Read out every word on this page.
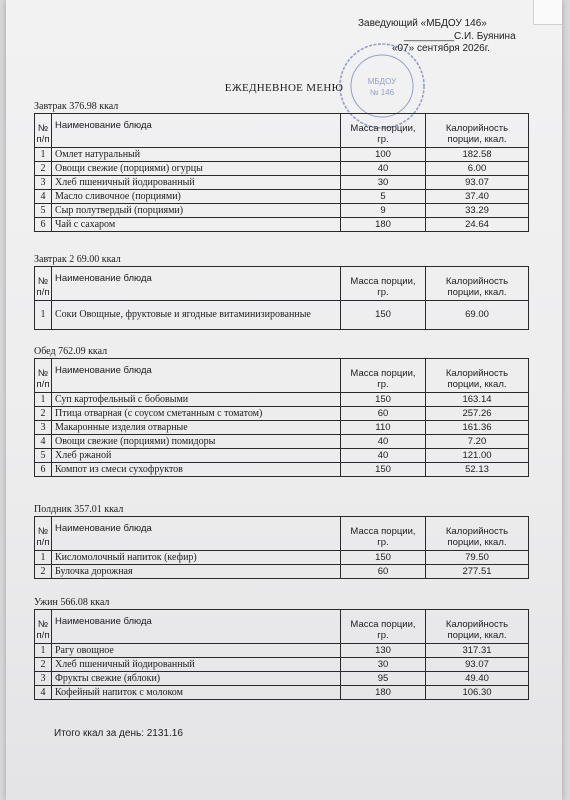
Заведующий «МБДОУ 146»
_________С.И. Буянина
«07» сентября 2026г.
МБДОУ
№ 146
ЕЖЕДНЕВНОЕ МЕНЮ
Завтрак 376.98 ккал
№ п/п	Наименование блюда	Масса порции, гр.	Калорийность порции, ккал.
1	Омлет натуральный	100	182.58
2	Овощи свежие (порциями) огурцы	40	6.00
3	Хлеб пшеничный йодированный	30	93.07
4	Масло сливочное (порциями)	5	37.40
5	Сыр полутвердый (порциями)	9	33.29
6	Чай с сахаром	180	24.64
Завтрак 2 69.00 ккал
№ п/п	Наименование блюда	Масса порции, гр.	Калорийность порции, ккал.
1	Соки Овощные, фруктовые и ягодные витаминизированные	150	69.00
Обед 762.09 ккал
№ п/п	Наименование блюда	Масса порции, гр.	Калорийность порции, ккал.
1	Суп картофельный с бобовыми	150	163.14
2	Птица отварная (с соусом сметанным с томатом)	60	257.26
3	Макаронные изделия отварные	110	161.36
4	Овощи свежие (порциями) помидоры	40	7.20
5	Хлеб ржаной	40	121.00
6	Компот из смеси сухофруктов	150	52.13
Полдник 357.01 ккал
№ п/п	Наименование блюда	Масса порции, гр.	Калорийность порции, ккал.
1	Кисломолочный напиток (кефир)	150	79.50
2	Булочка дорожная	60	277.51
Ужин 566.08 ккал
№ п/п	Наименование блюда	Масса порции, гр.	Калорийность порции, ккал.
1	Рагу овощное	130	317.31
2	Хлеб пшеничный йодированный	30	93.07
3	Фрукты свежие (яблоки)	95	49.40
4	Кофейный напиток с молоком	180	106.30
Итого ккал за день: 2131.16
